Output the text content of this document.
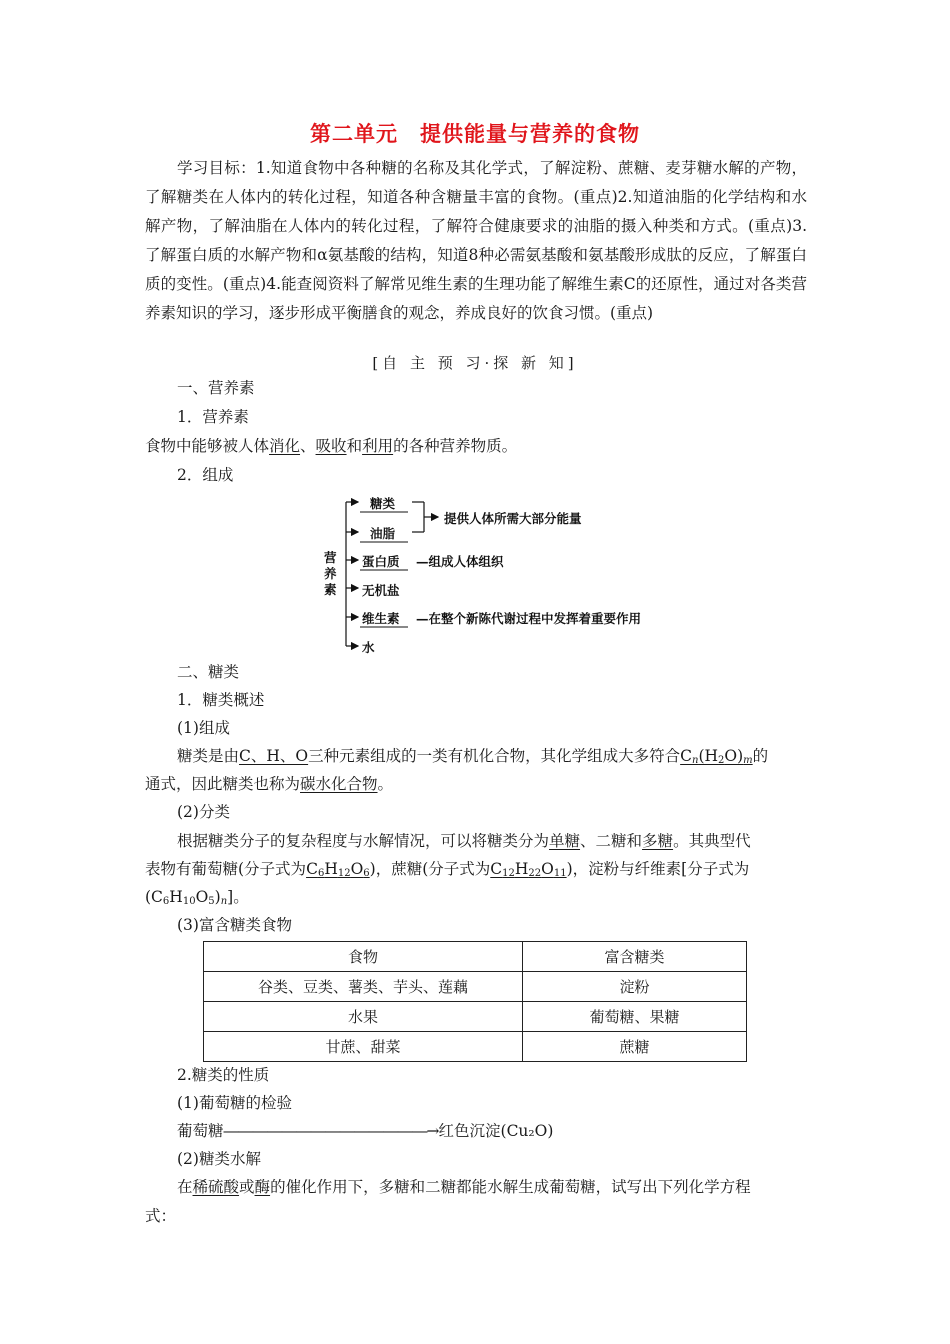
第二单元　提供能量与营养的食物
学习目标：1.知道食物中各种糖的名称及其化学式，了解淀粉、蔗糖、麦芽糖水解的产物，了解糖类在人体内的转化过程，知道各种含糖量丰富的食物。(重点)2.知道油脂的化学结构和水解产物，了解油脂在人体内的转化过程，了解符合健康要求的油脂的摄入种类和方式。(重点)3.了解蛋白质的水解产物和α氨基酸的结构，知道8种必需氨基酸和氨基酸形成肽的反应，了解蛋白质的变性。(重点)4.能查阅资料了解常见维生素的生理功能了解维生素C的还原性，通过对各类营养素知识的学习，逐步形成平衡膳食的观念，养成良好的饮食习惯。(重点)
[自 主 预 习·探 新 知]
一、营养素
1．营养素
食物中能够被人体消化、吸收和利用的各种营养物质。
2．组成
营
养
素
糖类
油脂
蛋白质
无机盐
维生素
水
提供人体所需大部分能量
—组成人体组织
—在整个新陈代谢过程中发挥着重要作用
二、糖类
1．糖类概述
(1)组成
糖类是由C、H、O三种元素组成的一类有机化合物，其化学组成大多符合$C_n(H_2O)_m$的
通式，因此糖类也称为碳水化合物。
(2)分类
根据糖类分子的复杂程度与水解情况，可以将糖类分为单糖、二糖和多糖。其典型代
表物有葡萄糖(分子式为$C_6H_{12}O_6$)，蔗糖(分子式为$C_{12}H_{22}O_{11}$)，淀粉与纤维素[分子式为
$(C_6H_{10}O_5)_n$]。
(3)富含糖类食物
食物	富含糖类
谷类、豆类、薯类、芋头、莲藕	淀粉
水果	葡萄糖、果糖
甘蔗、甜菜	蔗糖
2.糖类的性质
(1)葡萄糖的检验
葡萄糖――――――――――――――→红色沉淀(Cu₂O)
(2)糖类水解
在稀硫酸或酶的催化作用下，多糖和二糖都能水解生成葡萄糖，试写出下列化学方程
式：
